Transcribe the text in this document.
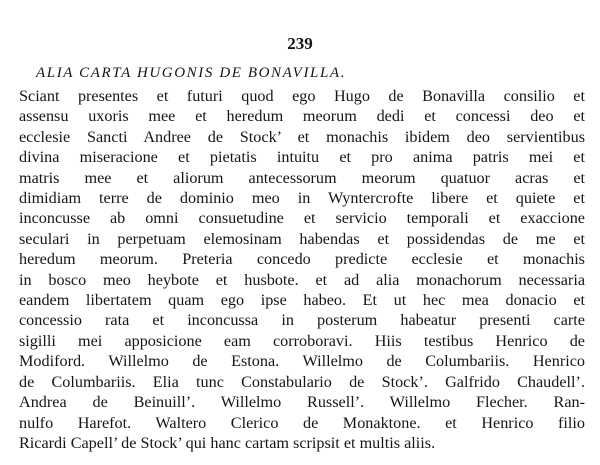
239
ALIA CARTA HUGONIS DE BONAVILLA.
Sciant presentes et futuri quod ego Hugo de Bonavilla consilio et
assensu uxoris mee et heredum meorum dedi et concessi deo et
ecclesie Sancti Andree de Stock’ et monachis ibidem deo servientibus
divina miseracione et pietatis intuitu et pro anima patris mei et
matris mee et aliorum antecessorum meorum quatuor acras et
dimidiam terre de dominio meo in Wyntercrofte libere et quiete et
inconcusse ab omni consuetudine et servicio temporali et exaccione
seculari in perpetuam elemosinam habendas et possidendas de me et
heredum meorum. Preteria concedo predicte ecclesie et monachis
in bosco meo heybote et husbote. et ad alia monachorum necessaria
eandem libertatem quam ego ipse habeo. Et ut hec mea donacio et
concessio rata et inconcussa in posterum habeatur presenti carte
sigilli mei apposicione eam corroboravi. Hiis testibus Henrico de
Modiford. Willelmo de Estona. Willelmo de Columbariis. Henrico
de Columbariis. Elia tunc Constabulario de Stock’. Galfrido Chaudell’.
Andrea de Beinuill’. Willelmo Russell’. Willelmo Flecher. Ran-
nulfo Harefot. Waltero Clerico de Monaktone. et Henrico filio
Ricardi Capell’ de Stock’ qui hanc cartam scripsit et multis aliis.
